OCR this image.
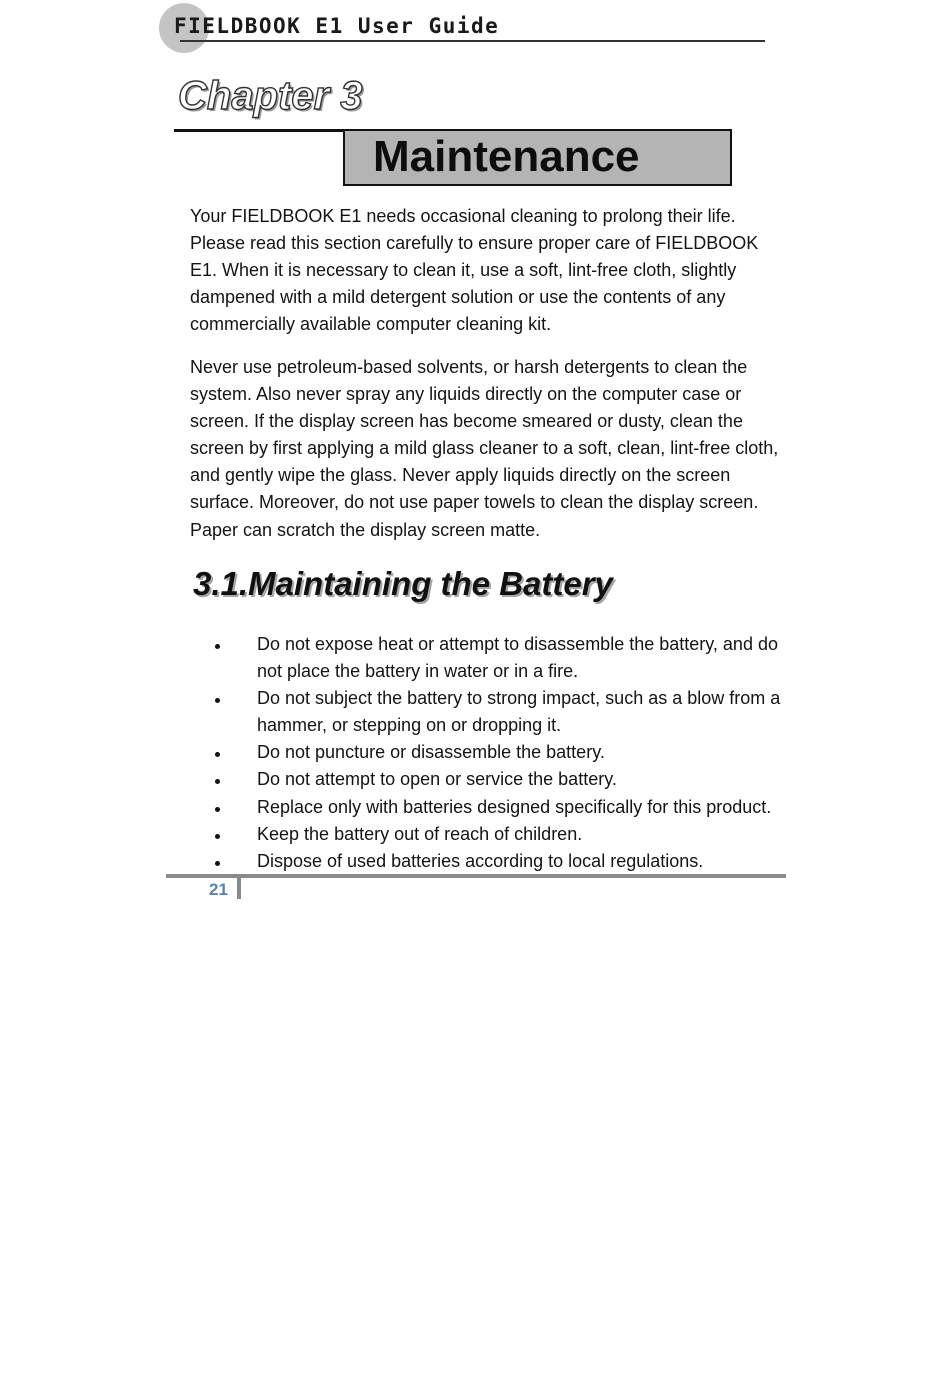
FIELDBOOK E1 User Guide
Chapter 3
Maintenance

Your FIELDBOOK E1 needs occasional cleaning to prolong their life. Please read this section carefully to ensure proper care of FIELDBOOK E1. When it is necessary to clean it, use a soft, lint-free cloth, slightly dampened with a mild detergent solution or use the contents of any commercially available computer cleaning kit.

Never use petroleum-based solvents, or harsh detergents to clean the system. Also never spray any liquids directly on the computer case or screen. If the display screen has become smeared or dusty, clean the screen by first applying a mild glass cleaner to a soft, clean, lint-free cloth, and gently wipe the glass. Never apply liquids directly on the screen surface. Moreover, do not use paper towels to clean the display screen. Paper can scratch the display screen matte.

3.1.Maintaining the Battery
Do not expose heat or attempt to disassemble the battery, and do not place the battery in water or in a fire.
Do not subject the battery to strong impact, such as a blow from a hammer, or stepping on or dropping it.
Do not puncture or disassemble the battery.
Do not attempt to open or service the battery.
Replace only with batteries designed specifically for this product.
Keep the battery out of reach of children.
Dispose of used batteries according to local regulations.
21
